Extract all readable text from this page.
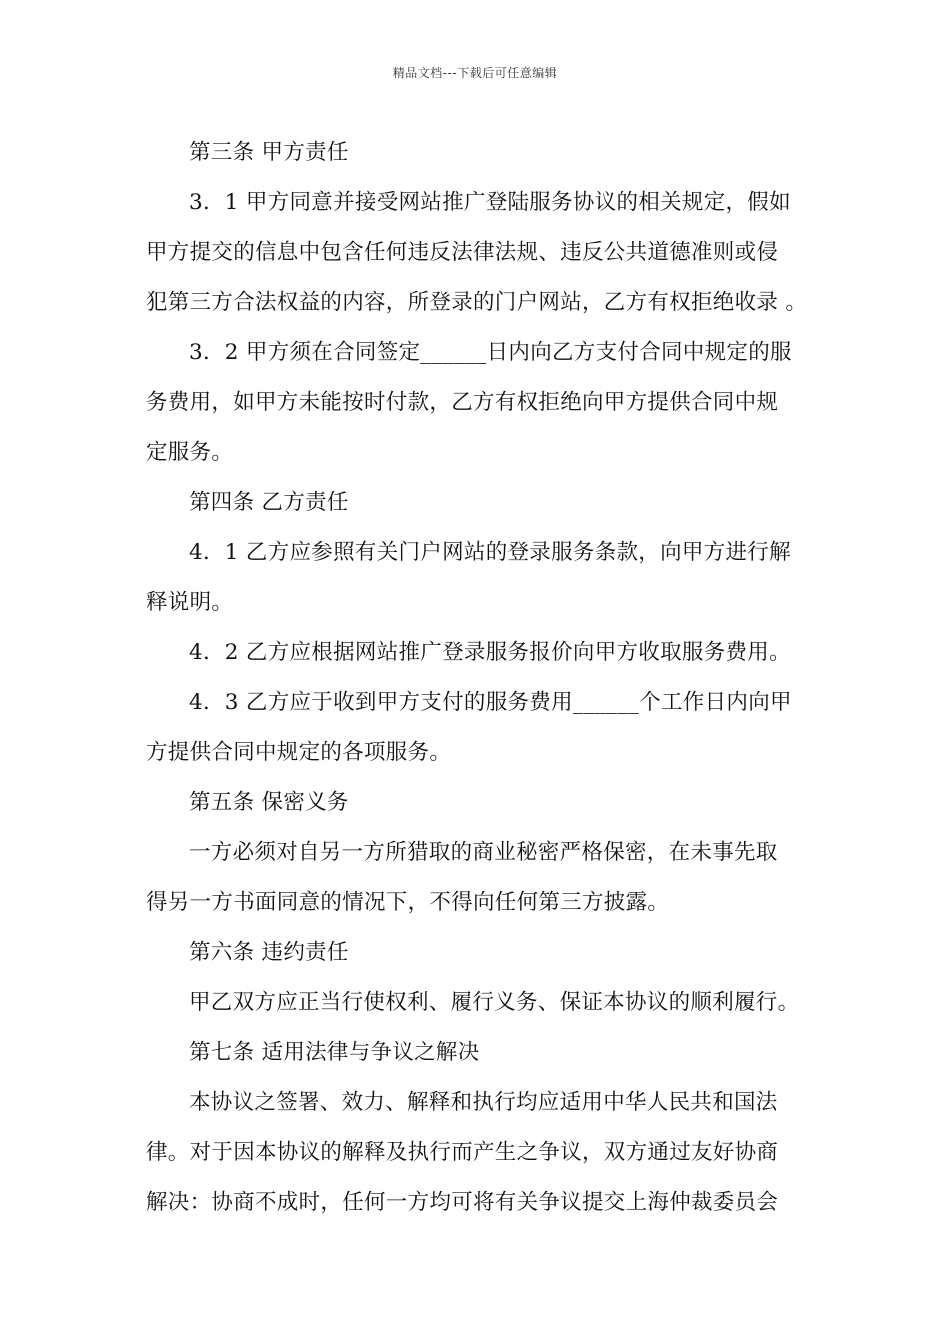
精品文档---下载后可任意编辑
第三条 甲方责任
3．1 甲方同意并接受网站推广登陆服务协议的相关规定，假如
甲方提交的信息中包含任何违反法律法规、违反公共道德准则或侵
犯第三方合法权益的内容，所登录的门户网站，乙方有权拒绝收录 。
3．2 甲方须在合同签定______日内向乙方支付合同中规定的服
务费用，如甲方未能按时付款，乙方有权拒绝向甲方提供合同中规
定服务。
第四条 乙方责任
4．1 乙方应参照有关门户网站的登录服务条款，向甲方进行解
释说明。
4．2 乙方应根据网站推广登录服务报价向甲方收取服务费用。
4．3 乙方应于收到甲方支付的服务费用______个工作日内向甲
方提供合同中规定的各项服务。
第五条 保密义务
一方必须对自另一方所猎取的商业秘密严格保密，在未事先取
得另一方书面同意的情况下，不得向任何第三方披露。
第六条 违约责任
甲乙双方应正当行使权利、履行义务、保证本协议的顺利履行。
第七条 适用法律与争议之解决
本协议之签署、效力、解释和执行均应适用中华人民共和国法
律。对于因本协议的解释及执行而产生之争议，双方通过友好协商
解决：协商不成时，任何一方均可将有关争议提交上海仲裁委员会
